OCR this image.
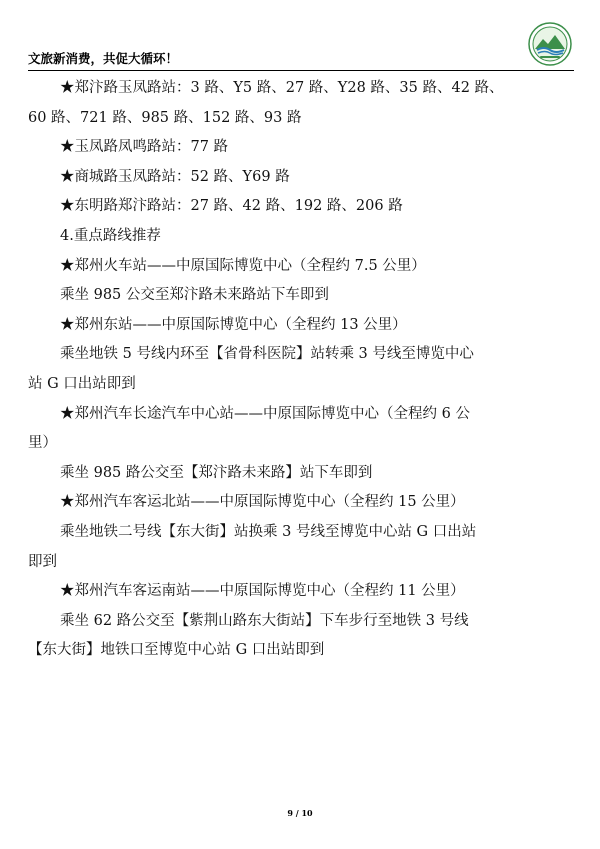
文旅新消费，共促大循环！
★郑汴路玉凤路站：3 路、Y5 路、27 路、Y28 路、35 路、42 路、
60 路、721 路、985 路、152 路、93 路
★玉凤路凤鸣路站：77 路
★商城路玉凤路站：52 路、Y69 路
★东明路郑汴路站：27 路、42 路、192 路、206 路
4.重点路线推荐
★郑州火车站——中原国际博览中心（全程约 7.5 公里）
乘坐 985 公交至郑汴路未来路站下车即到
★郑州东站——中原国际博览中心（全程约 13 公里）
乘坐地铁 5 号线内环至【省骨科医院】站转乘 3 号线至博览中心
站 G 口出站即到
★郑州汽车长途汽车中心站——中原国际博览中心（全程约 6 公
里）
乘坐 985 路公交至【郑汴路未来路】站下车即到
★郑州汽车客运北站——中原国际博览中心（全程约 15 公里）
乘坐地铁二号线【东大街】站换乘 3 号线至博览中心站 G 口出站
即到
★郑州汽车客运南站——中原国际博览中心（全程约 11 公里）
乘坐 62 路公交至【紫荆山路东大街站】下车步行至地铁 3 号线
【东大街】地铁口至博览中心站 G 口出站即到
9 / 10
